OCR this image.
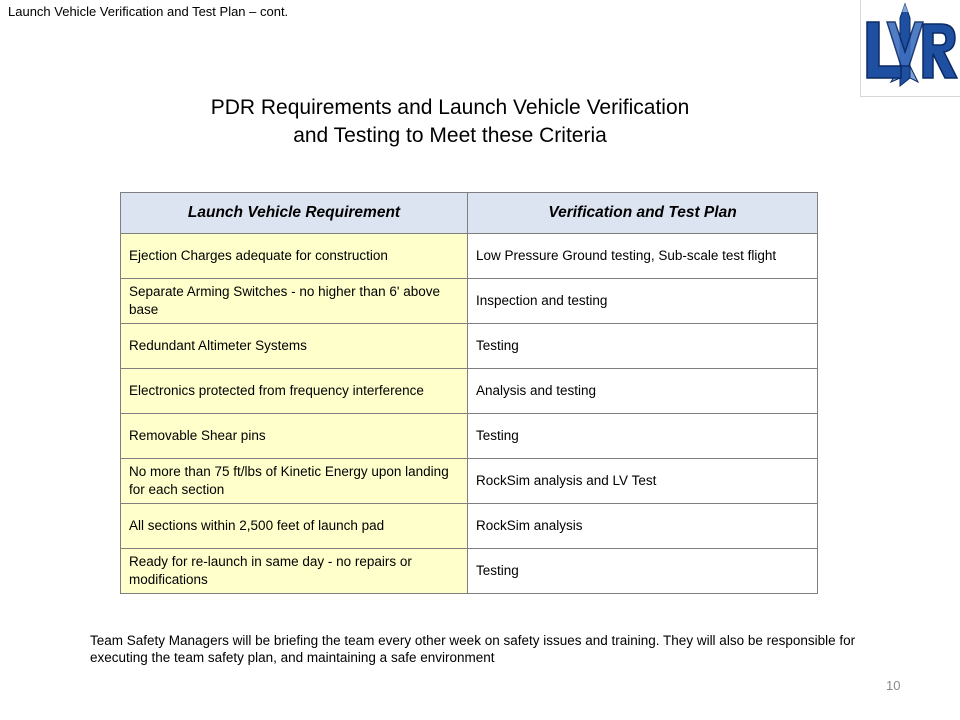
Launch Vehicle Verification and Test Plan – cont.
PDR Requirements and Launch Vehicle Verification
and Testing to Meet these Criteria
Launch Vehicle Requirement	Verification and Test Plan
Ejection Charges adequate for construction	Low Pressure Ground testing, Sub-scale test flight
Separate Arming Switches - no higher than 6' above base	Inspection and testing
Redundant Altimeter Systems	Testing
Electronics protected from frequency interference	Analysis and testing
Removable Shear pins	Testing
No more than 75 ft/lbs of Kinetic Energy upon landing for each section	RockSim analysis and LV Test
All sections within 2,500 feet of launch pad	RockSim analysis
Ready for re-launch in same day - no repairs or modifications	Testing
Team Safety Managers will be briefing the team every other week on safety issues and training. They will also be responsible for executing the team safety plan, and maintaining a safe environment
10
